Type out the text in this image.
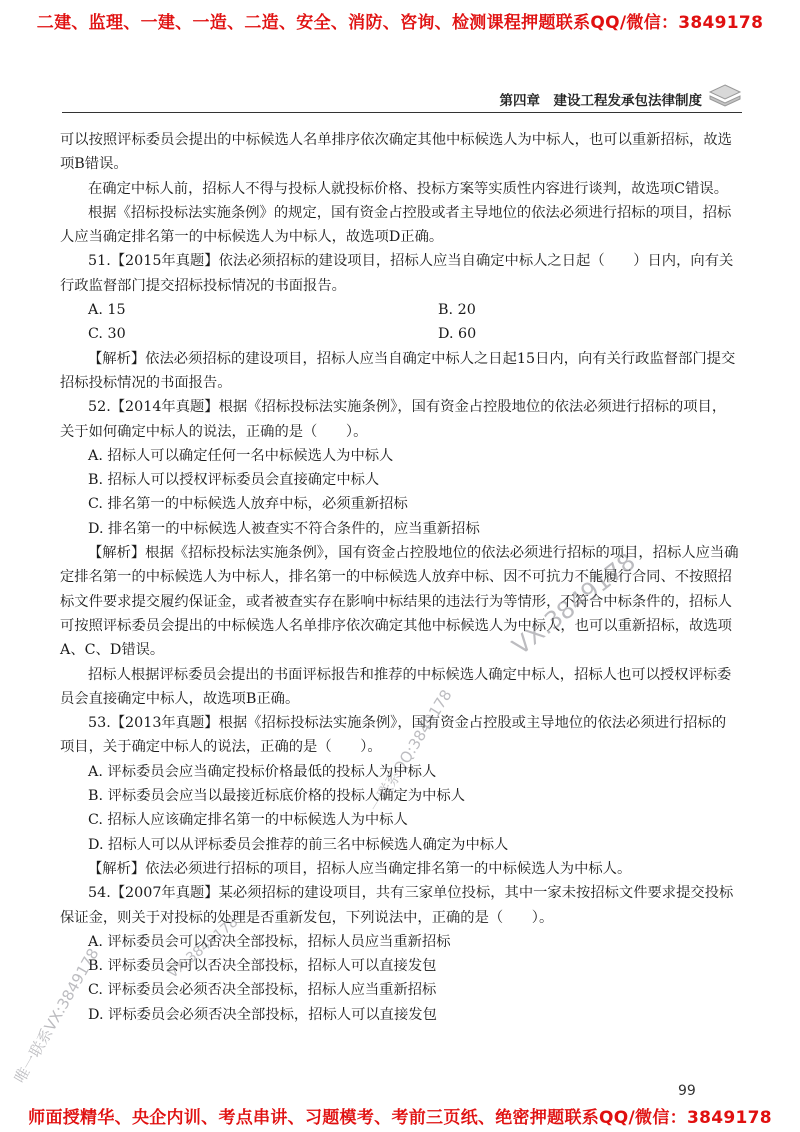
二建、监理、一建、一造、二造、安全、消防、咨询、检测课程押题联系QQ/微信：3849178
第四章　建设工程发承包法律制度

可以按照评标委员会提出的中标候选人名单排序依次确定其他中标候选人为中标人，也可以重新招标，故选项B错误。

在确定中标人前，招标人不得与投标人就投标价格、投标方案等实质性内容进行谈判，故选项C错误。

根据《招标投标法实施条例》的规定，国有资金占控股或者主导地位的依法必须进行招标的项目，招标人应当确定排名第一的中标候选人为中标人，故选项D正确。

51.【2015年真题】依法必须招标的建设项目，招标人应当自确定中标人之日起（　　）日内，向有关行政监督部门提交招标投标情况的书面报告。

A. 15	B. 20
C. 30	D. 60

【解析】依法必须招标的建设项目，招标人应当自确定中标人之日起15日内，向有关行政监督部门提交招标投标情况的书面报告。

52.【2014年真题】根据《招标投标法实施条例》，国有资金占控股地位的依法必须进行招标的项目，关于如何确定中标人的说法，正确的是（　　）。

A. 招标人可以确定任何一名中标候选人为中标人

B. 招标人可以授权评标委员会直接确定中标人

C. 排名第一的中标候选人放弃中标，必须重新招标

D. 排名第一的中标候选人被查实不符合条件的，应当重新招标

【解析】根据《招标投标法实施条例》，国有资金占控股地位的依法必须进行招标的项目，招标人应当确定排名第一的中标候选人为中标人，排名第一的中标候选人放弃中标、因不可抗力不能履行合同、不按照招标文件要求提交履约保证金，或者被查实存在影响中标结果的违法行为等情形，不符合中标条件的，招标人可按照评标委员会提出的中标候选人名单排序依次确定其他中标候选人为中标人，也可以重新招标，故选项A、C、D错误。

招标人根据评标委员会提出的书面评标报告和推荐的中标候选人确定中标人，招标人也可以授权评标委员会直接确定中标人，故选项B正确。

53.【2013年真题】根据《招标投标法实施条例》，国有资金占控股或主导地位的依法必须进行招标的项目，关于确定中标人的说法，正确的是（　　）。

A. 评标委员会应当确定投标价格最低的投标人为中标人

B. 评标委员会应当以最接近标底价格的投标人确定为中标人

C. 招标人应该确定排名第一的中标候选人为中标人

D. 招标人可以从评标委员会推荐的前三名中标候选人确定为中标人

【解析】依法必须进行招标的项目，招标人应当确定排名第一的中标候选人为中标人。

54.【2007年真题】某必须招标的建设项目，共有三家单位投标，其中一家未按招标文件要求提交投标保证金，则关于对投标的处理是否重新发包，下列说法中，正确的是（　　）。

A. 评标委员会可以否决全部投标，招标人员应当重新招标

B. 评标委员会可以否决全部投标，招标人可以直接发包

C. 评标委员会必须否决全部投标，招标人应当重新招标

D. 评标委员会必须否决全部投标，招标人可以直接发包

99
VX:3849178
一联系QQ:3849178
唯一联系VX:3849178	VX:3849178
师面授精华、央企内训、考点串讲、习题模考、考前三页纸、绝密押题联系QQ/微信：3849178
